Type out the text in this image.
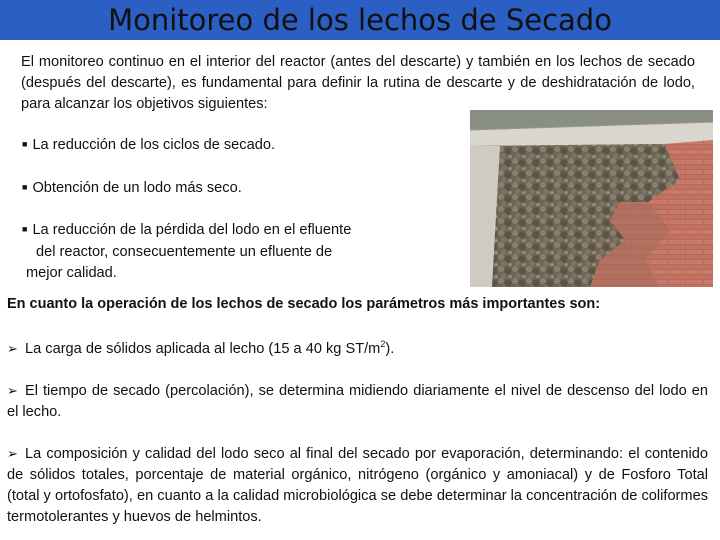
Monitoreo de los lechos de Secado
El monitoreo continuo en el interior del reactor (antes del descarte) y también en los lechos de secado (después del descarte), es fundamental para definir la rutina de descarte y de deshidratación de lodo, para alcanzar los objetivos siguientes:
■ La reducción de los ciclos de secado.
■ Obtención de un lodo más seco.
■ La reducción de la pérdida del lodo en el efluente
del reactor, consecuentemente un efluente de
mejor calidad.
En cuanto la operación de los lechos de secado los parámetros más importantes son:
➢ La carga de sólidos aplicada al lecho (15 a 40 kg $ST/m^2$).
➢ El tiempo de secado (percolación), se determina midiendo diariamente el nivel de descenso del lodo en el lecho.
➢ La composición y calidad del lodo seco al final del secado por evaporación, determinando: el contenido de sólidos totales, porcentaje de material orgánico, nitrógeno (orgánico y amoniacal) y de Fosforo Total (total y ortofosfato), en cuanto a la calidad microbiológica se debe determinar la concentración de coliformes termotolerantes y huevos de helmintos.
